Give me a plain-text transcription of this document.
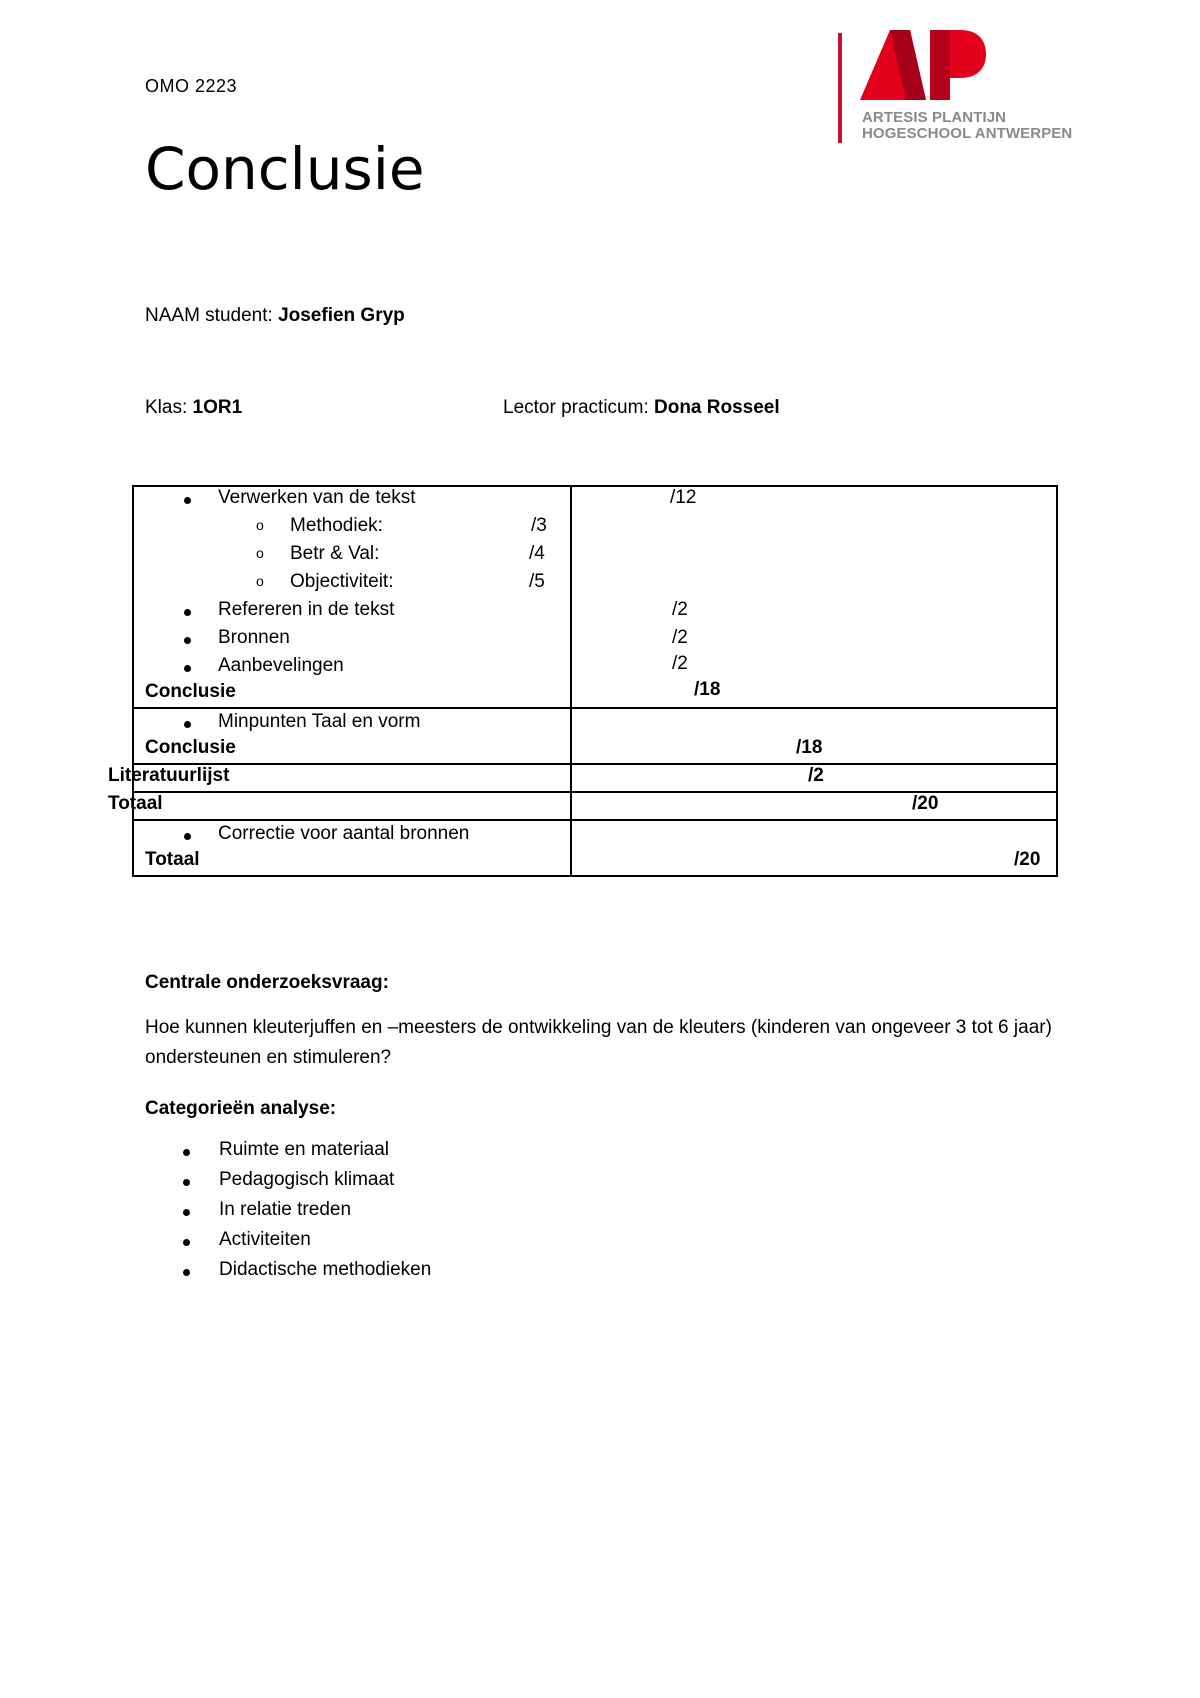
OMO 2223
Conclusie
ARTESIS PLANTIJN
HOGESCHOOL ANTWERPEN
NAAM student: Josefien Gryp
Klas: 1OR1	Lector practicum: Dona Rosseel
Verwerken van de tekst	/12
o Methodiek:	/3
o Betr & Val:	/4
o Objectiviteit:	/5
Refereren in de tekst	/2
Bronnen	/2
Aanbevelingen	/2
Conclusie	/18
Minpunten Taal en vorm
Conclusie	/18
Literatuurlijst	/2
Totaal	/20
Correctie voor aantal bronnen
Totaal	/20
Centrale onderzoeksvraag:
Hoe kunnen kleuterjuffen en –meesters de ontwikkeling van de kleuters (kinderen van ongeveer 3 tot 6 jaar) ondersteunen en stimuleren?
Categorieën analyse:
Ruimte en materiaal
Pedagogisch klimaat
In relatie treden
Activiteiten
Didactische methodieken
